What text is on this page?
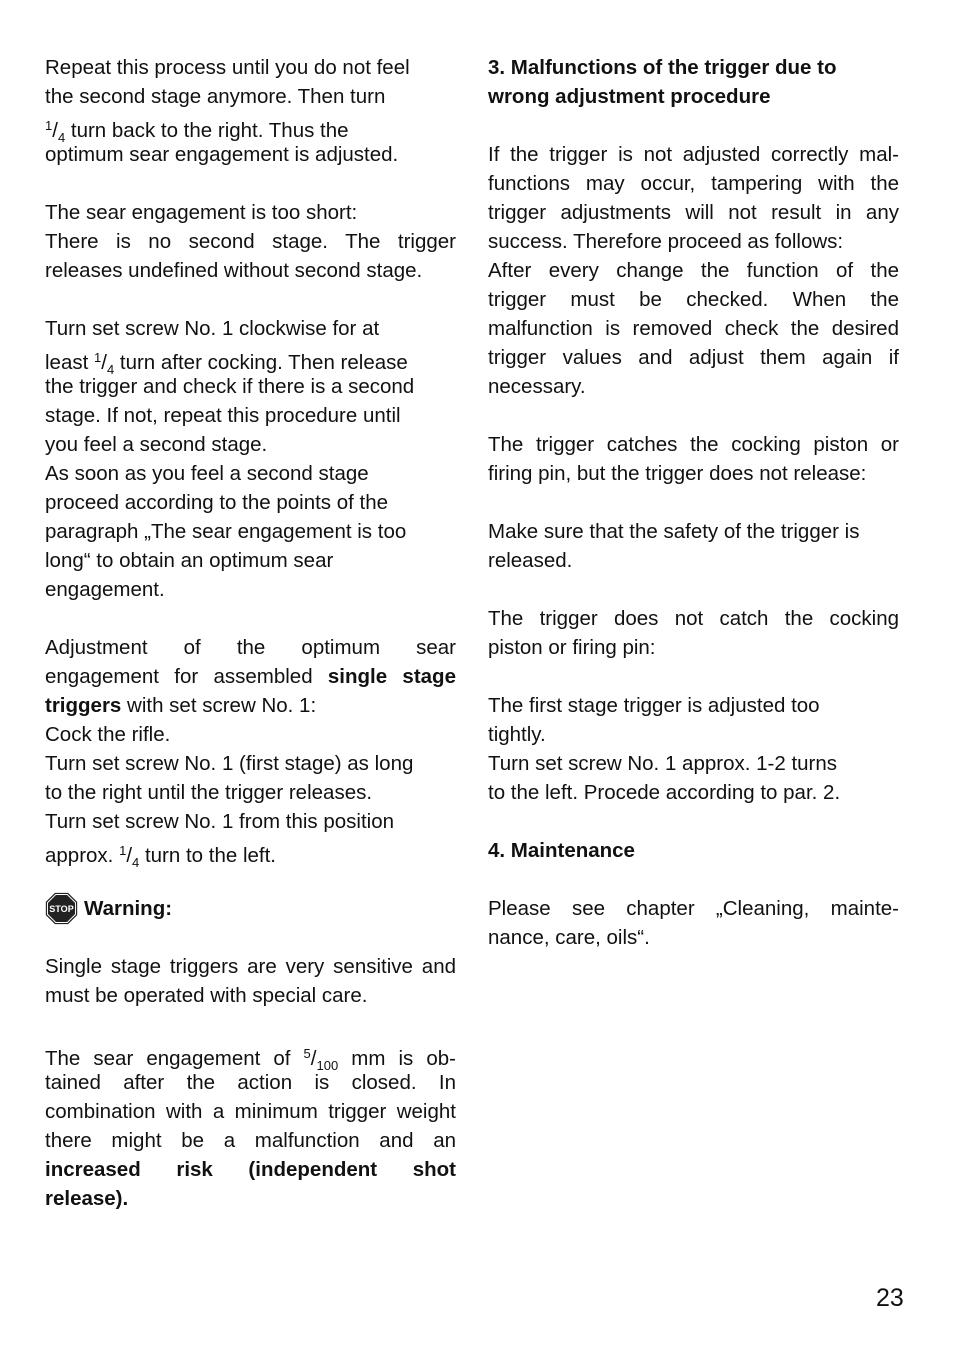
Repeat this process until you do not feel
the second stage anymore. Then turn
$^1/_4$ turn back to the right. Thus the
optimum sear engagement is adjusted.
The sear engagement is too short:
There is no second stage. The trigger
releases undefined without second stage.
Turn set screw No. 1 clockwise for at
least $^1/_4$ turn after cocking. Then release
the trigger and check if there is a second
stage. If not, repeat this procedure until
you feel a second stage.
As soon as you feel a second stage
proceed according to the points of the
paragraph „The sear engagement is too
long“ to obtain an optimum sear
engagement.
Adjustment of the optimum sear
engagement for assembled single stage
triggers with set screw No. 1:
Cock the rifle.
Turn set screw No. 1 (first stage) as long
to the right until the trigger releases.
Turn set screw No. 1 from this position
approx. $^1/_4$ turn to the left.
STOP Warning:
Single stage triggers are very sensitive and
must be operated with special care.
The sear engagement of $^5/_{100}$ mm is ob-
tained after the action is closed. In
combination with a minimum trigger weight
there might be a malfunction and an
increased risk (independent shot
release).
3. Malfunctions of the trigger due to
wrong adjustment procedure
If the trigger is not adjusted correctly mal-
functions may occur, tampering with the
trigger adjustments will not result in any
success. Therefore proceed as follows:
After every change the function of the
trigger must be checked. When the
malfunction is removed check the desired
trigger values and adjust them again if
necessary.
The trigger catches the cocking piston or
firing pin, but the trigger does not release:
Make sure that the safety of the trigger is
released.
The trigger does not catch the cocking
piston or firing pin:
The first stage trigger is adjusted too
tightly.
Turn set screw No. 1 approx. 1-2 turns
to the left. Procede according to par. 2.
4. Maintenance
Please see chapter „Cleaning, mainte-
nance, care, oils“.
23
